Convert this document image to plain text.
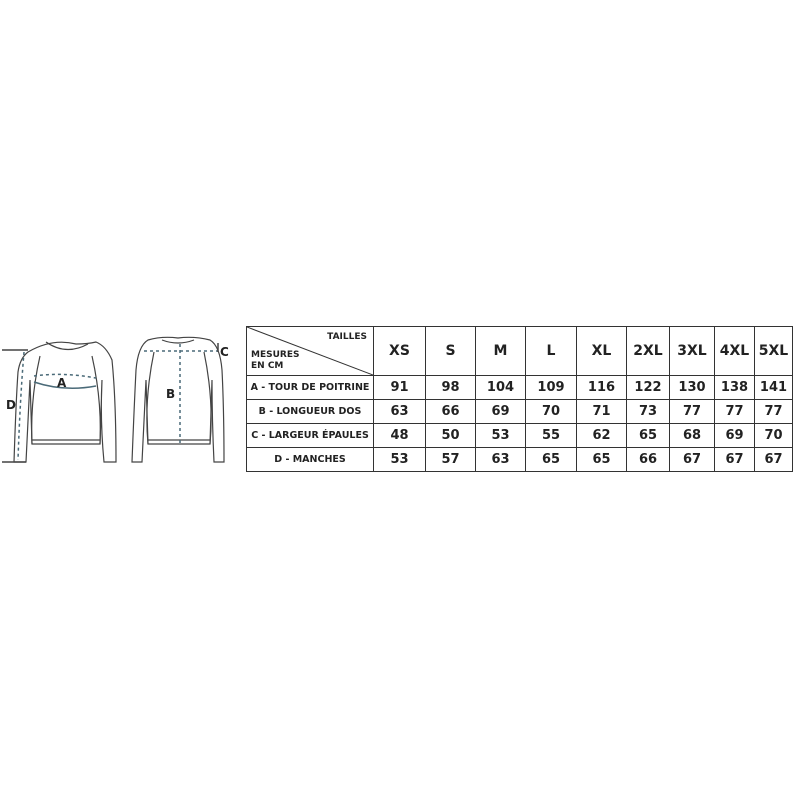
A
D
C
B
TAILLES
MESURES
EN CM	XS	S	M	L	XL	2XL	3XL	4XL	5XL
A - TOUR DE POITRINE	91	98	104	109	116	122	130	138	141
B - LONGUEUR DOS	63	66	69	70	71	73	77	77	77
C - LARGEUR ÉPAULES	48	50	53	55	62	65	68	69	70
D - MANCHES	53	57	63	65	65	66	67	67	67
